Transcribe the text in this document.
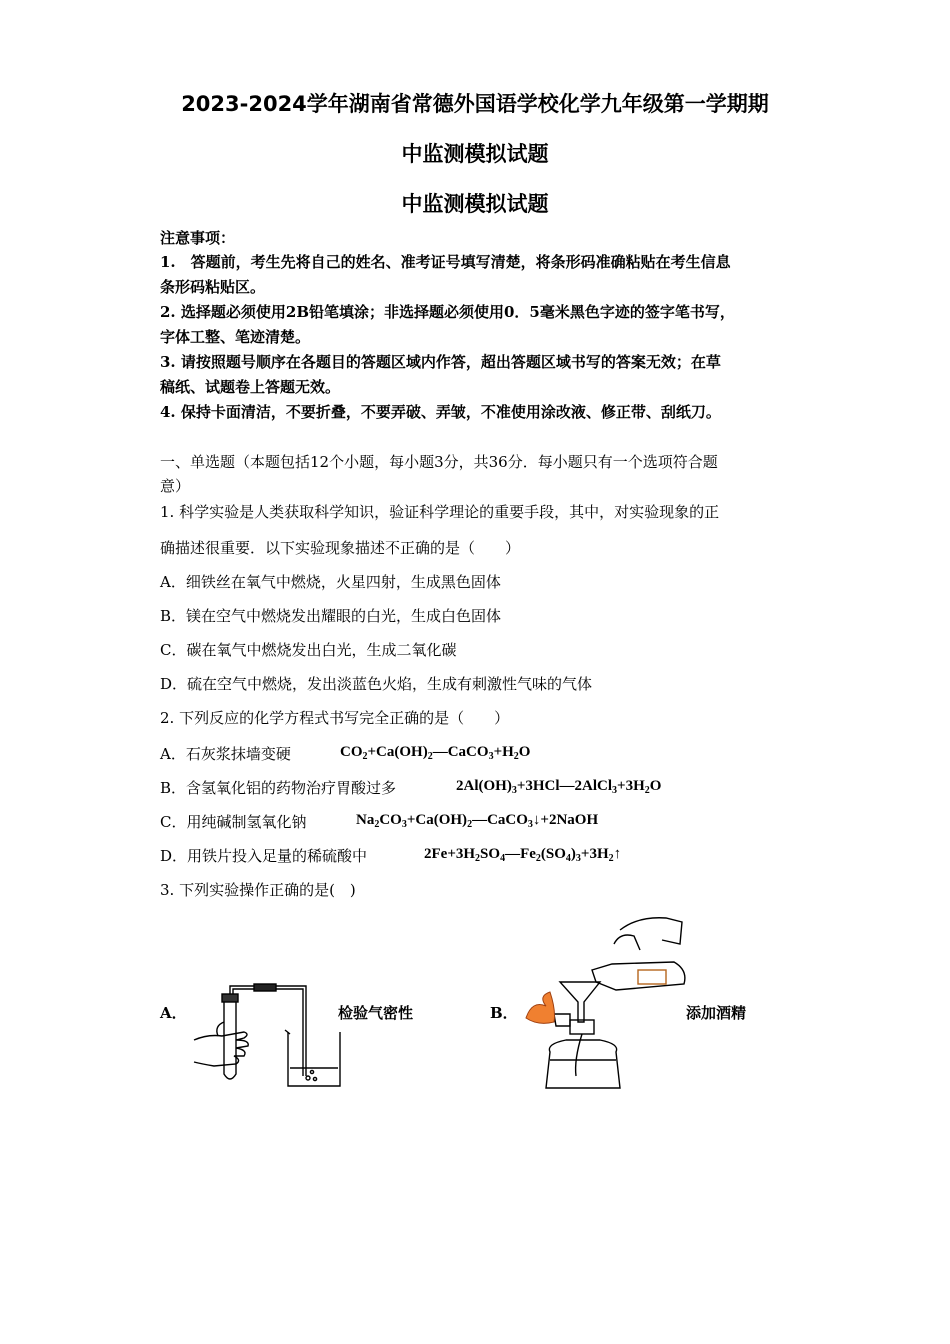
2023-2024学年湖南省常德外国语学校化学九年级第一学期期
中监测模拟试题
中监测模拟试题
注意事项：
1.　答题前，考生先将自己的姓名、准考证号填写清楚，将条形码准确粘贴在考生信息
条形码粘贴区。
2. 选择题必须使用2B铅笔填涂；非选择题必须使用0．5毫米黑色字迹的签字笔书写，
字体工整、笔迹清楚。
3. 请按照题号顺序在各题目的答题区域内作答，超出答题区域书写的答案无效；在草
稿纸、试题卷上答题无效。
4. 保持卡面清洁，不要折叠，不要弄破、弄皱，不准使用涂改液、修正带、刮纸刀。
一、单选题（本题包括12个小题，每小题3分，共36分．每小题只有一个选项符合题
意）
1. 科学实验是人类获取科学知识，验证科学理论的重要手段，其中，对实验现象的正
确描述很重要．以下实验现象描述不正确的是（　　）
A．细铁丝在氧气中燃烧，火星四射，生成黑色固体
B．镁在空气中燃烧发出耀眼的白光，生成白色固体
C．碳在氧气中燃烧发出白光，生成二氧化碳
D．硫在空气中燃烧，发出淡蓝色火焰，生成有刺激性气味的气体
2. 下列反应的化学方程式书写完全正确的是（　　）
A．石灰浆抹墙变硬	$CO_2+Ca(OH)_2—CaCO_3+H_2O$
B．含氢氧化铝的药物治疗胃酸过多	$2Al(OH)_3+3HCl—2AlCl_3+3H_2O$
C．用纯碱制氢氧化钠	$Na_2CO_3+Ca(OH)_2—CaCO_3↓+2NaOH$
D．用铁片投入足量的稀硫酸中	$2Fe+3H_2SO_4—Fe_2(SO_4)_3+3H_2↑$
3. 下列实验操作正确的是(　)
A．	检验气密性	B．	添加酒精
